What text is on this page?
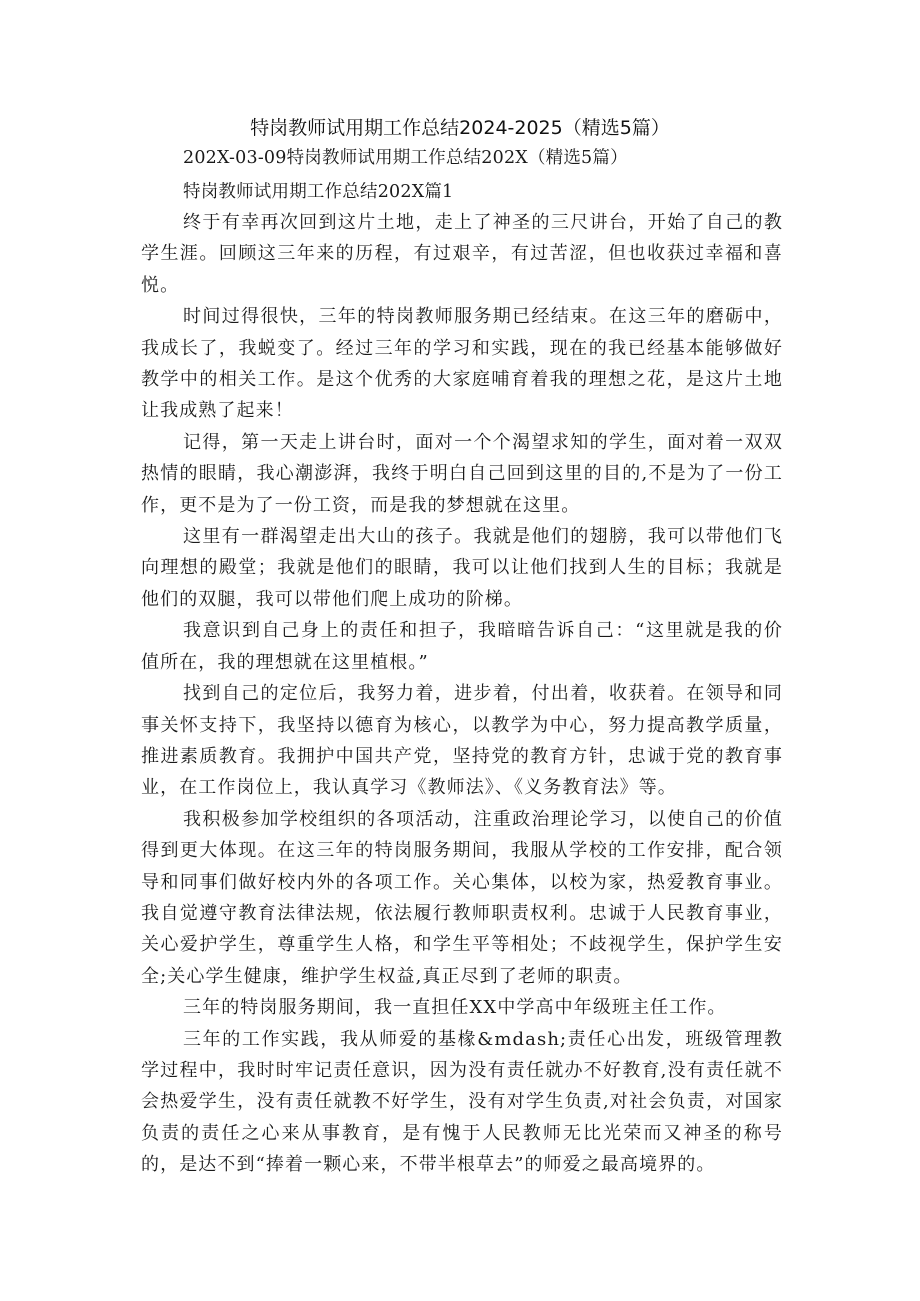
特岗教师试用期工作总结2024-2025（精选5篇）
202X-03-09特岗教师试用期工作总结202X（精选5篇）
特岗教师试用期工作总结202X篇1

终于有幸再次回到这片土地，走上了神圣的三尺讲台，开始了自己的教学生涯。回顾这三年来的历程，有过艰辛，有过苦涩，但也收获过幸福和喜悦。

时间过得很快，三年的特岗教师服务期已经结束。在这三年的磨砺中，我成长了，我蜕变了。经过三年的学习和实践，现在的我已经基本能够做好教学中的相关工作。是这个优秀的大家庭哺育着我的理想之花，是这片土地让我成熟了起来！

记得，第一天走上讲台时，面对一个个渴望求知的学生，面对着一双双热情的眼睛，我心潮澎湃，我终于明白自己回到这里的目的,不是为了一份工作，更不是为了一份工资，而是我的梦想就在这里。

这里有一群渴望走出大山的孩子。我就是他们的翅膀，我可以带他们飞向理想的殿堂；我就是他们的眼睛，我可以让他们找到人生的目标；我就是他们的双腿，我可以带他们爬上成功的阶梯。

我意识到自己身上的责任和担子，我暗暗告诉自己：“这里就是我的价值所在，我的理想就在这里植根。”

找到自己的定位后，我努力着，进步着，付出着，收获着。在领导和同事关怀支持下，我坚持以德育为核心，以教学为中心，努力提高教学质量，推进素质教育。我拥护中国共产党，坚持党的教育方针，忠诚于党的教育事业，在工作岗位上，我认真学习《教师法》、《义务教育法》等。

我积极参加学校组织的各项活动，注重政治理论学习，以使自己的价值得到更大体现。在这三年的特岗服务期间，我服从学校的工作安排，配合领导和同事们做好校内外的各项工作。关心集体，以校为家，热爱教育事业。我自觉遵守教育法律法规，依法履行教师职责权利。忠诚于人民教育事业，关心爱护学生，尊重学生人格，和学生平等相处；不歧视学生，保护学生安全;关心学生健康，维护学生权益,真正尽到了老师的职责。

三年的特岗服务期间，我一直担任XX中学高中年级班主任工作。

三年的工作实践，我从师爱的基椽&mdash;责任心出发，班级管理教学过程中，我时时牢记责任意识，因为没有责任就办不好教育,没有责任就不会热爱学生，没有责任就教不好学生，没有对学生负责,对社会负责，对国家负责的责任之心来从事教育，是有愧于人民教师无比光荣而又神圣的称号的，是达不到“捧着一颗心来，不带半根草去”的师爱之最高境界的。
